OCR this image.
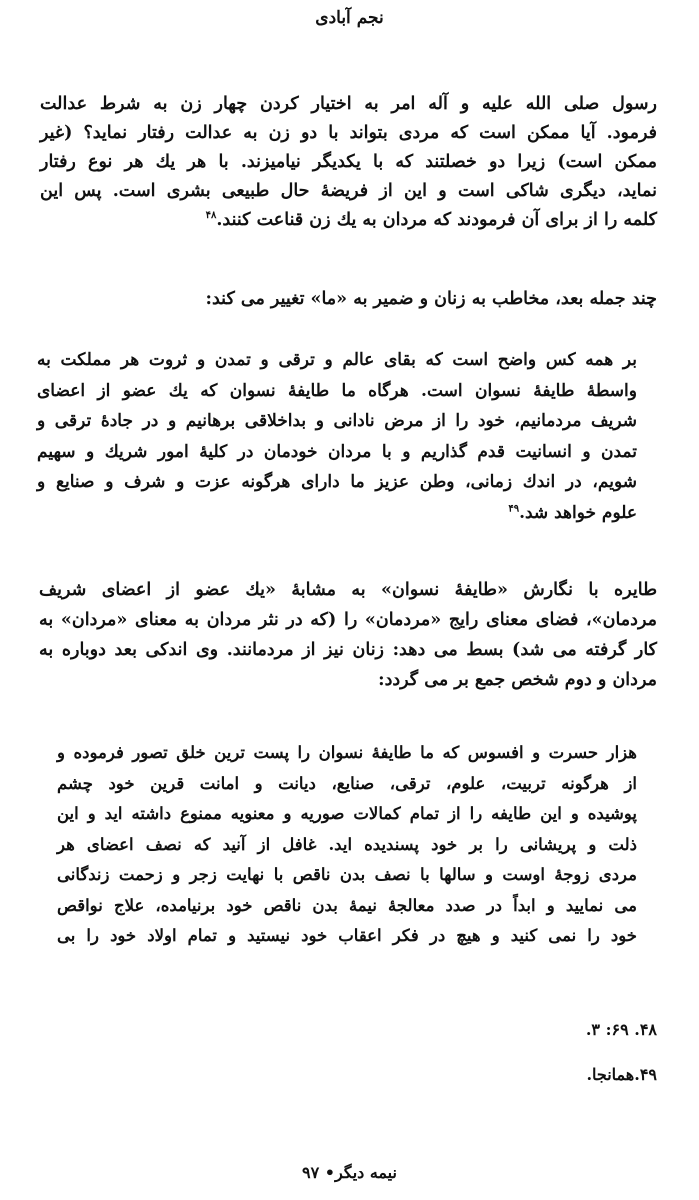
نجم آبادی
رسول صلی الله علیه و آله امر به اختیار کردن چهار زن به شرط عدالت
فرمود. آیا ممکن است که مردی بتواند با دو زن به عدالت رفتار نماید؟ (غیر
ممکن است) زیرا دو خصلتند که با یکدیگر نیامیزند. با هر یك هر نوع رفتار
نماید، دیگری شاکی است و این از فریضهٔ حال طبیعی بشری است. پس این
کلمه را از برای آن فرمودند که مردان به یك زن قناعت کنند.$^{۴۸}$
چند جمله بعد، مخاطب به زنان و ضمیر به «ما» تغییر می کند:
بر همه کس واضح است که بقای عالم و ترقی و تمدن و ثروت هر مملکت به
واسطهٔ طایفهٔ نسوان است. هرگاه ما طایفهٔ نسوان که یك عضو از اعضای
شریف مردمانیم، خود را از مرض نادانی و بداخلاقی برهانیم و در جادهٔ ترقی و
تمدن و انسانیت قدم گذاریم و با مردان خودمان در کلیهٔ امور شریك و سهیم
شویم، در اندك زمانی، وطن عزیز ما دارای هرگونه عزت و شرف و صنایع و
علوم خواهد شد.$^{۴۹}$
طایره با نگارش «طایفهٔ نسوان» به مشابهٔ «یك عضو از اعضای شریف
مردمان»، فضای معنای رایج «مردمان» را (که در نثر مردان به معنای «مردان» به
کار گرفته می شد) بسط می دهد: زنان نیز از مردمانند. وی اندکی بعد دوباره به
مردان و دوم شخص جمع بر می گردد:
هزار حسرت و افسوس که ما طایفهٔ نسوان را پست ترین خلق تصور فرموده و
از هرگونه تربیت، علوم، ترقی، صنایع، دیانت و امانت قرین خود چشم
پوشیده و این طایفه را از تمام کمالات صوریه و معنویه ممنوع داشته اید و این
ذلت و پریشانی را بر خود پسندیده اید. غافل از آنید که نصف اعضای هر
مردی زوجهٔ اوست و سالها با نصف بدن ناقص با نهایت زجر و زحمت زندگانی
می نمایید و ابداً در صدد معالجهٔ نیمهٔ بدن ناقص خود برنیامده، علاج نواقص
خود را نمی کنید و هیچ در فکر اعقاب خود نیستید و تمام اولاد خود را بی
۴۸. ۶۹: ۳.
۴۹.همانجا.
نیمه دیگر• ۹۷
